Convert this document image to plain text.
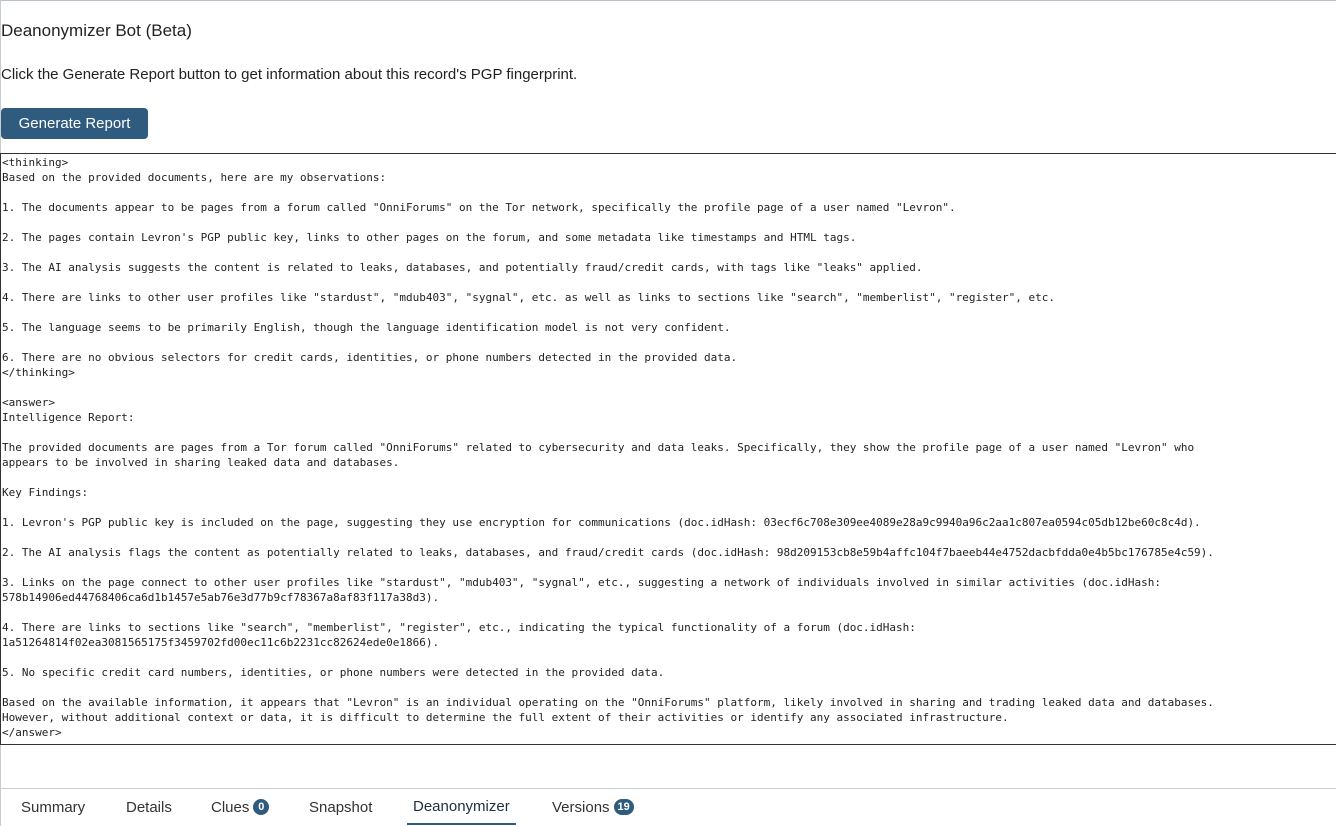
Deanonymizer Bot (Beta)

Click the Generate Report button to get information about this record's PGP fingerprint.

Generate Report
<thinking>
Based on the provided documents, here are my observations:

1. The documents appear to be pages from a forum called "OnniForums" on the Tor network, specifically the profile page of a user named "Levron".

2. The pages contain Levron's PGP public key, links to other pages on the forum, and some metadata like timestamps and HTML tags.

3. The AI analysis suggests the content is related to leaks, databases, and potentially fraud/credit cards, with tags like "leaks" applied.

4. There are links to other user profiles like "stardust", "mdub403", "sygnal", etc. as well as links to sections like "search", "memberlist", "register", etc.

5. The language seems to be primarily English, though the language identification model is not very confident.

6. There are no obvious selectors for credit cards, identities, or phone numbers detected in the provided data.
</thinking>

<answer>
Intelligence Report:

The provided documents are pages from a Tor forum called "OnniForums" related to cybersecurity and data leaks. Specifically, they show the profile page of a user named "Levron" who
appears to be involved in sharing leaked data and databases.

Key Findings:

1. Levron's PGP public key is included on the page, suggesting they use encryption for communications (doc.idHash: 03ecf6c708e309ee4089e28a9c9940a96c2aa1c807ea0594c05db12be60c8c4d).

2. The AI analysis flags the content as potentially related to leaks, databases, and fraud/credit cards (doc.idHash: 98d209153cb8e59b4affc104f7baeeb44e4752dacbfdda0e4b5bc176785e4c59).

3. Links on the page connect to other user profiles like "stardust", "mdub403", "sygnal", etc., suggesting a network of individuals involved in similar activities (doc.idHash:
578b14906ed44768406ca6d1b1457e5ab76e3d77b9cf78367a8af83f117a38d3).

4. There are links to sections like "search", "memberlist", "register", etc., indicating the typical functionality of a forum (doc.idHash:
1a51264814f02ea3081565175f3459702fd00ec11c6b2231cc82624ede0e1866).

5. No specific credit card numbers, identities, or phone numbers were detected in the provided data.

Based on the available information, it appears that "Levron" is an individual operating on the "OnniForums" platform, likely involved in sharing and trading leaked data and databases.
However, without additional context or data, it is difficult to determine the full extent of their activities or identify any associated infrastructure.
</answer>
Summary	Details	Clues 0	Snapshot	Deanonymizer	Versions 19
